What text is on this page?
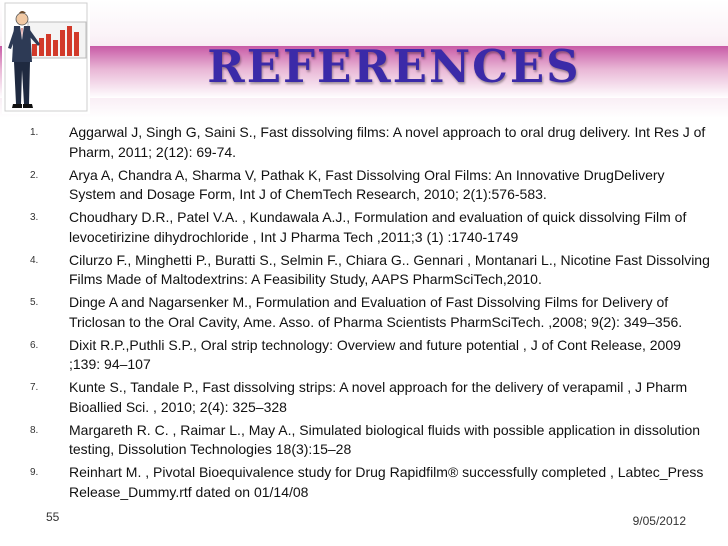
REFERENCES
1. Aggarwal J, Singh G, Saini S., Fast dissolving films: A novel approach to oral drug delivery. Int Res J of Pharm, 2011; 2(12): 69-74.
2. Arya A, Chandra A, Sharma V, Pathak K, Fast Dissolving Oral Films: An Innovative DrugDelivery System and Dosage Form, Int J of ChemTech Research, 2010; 2(1):576-583.
3. Choudhary D.R., Patel V.A. , Kundawala A.J., Formulation and evaluation of quick dissolving Film of levocetirizine dihydrochloride , Int J Pharma Tech ,2011;3 (1) :1740-1749
4. Cilurzo F., Minghetti P., Buratti S., Selmin F., Chiara G.. Gennari , Montanari L., Nicotine Fast Dissolving Films Made of Maltodextrins: A Feasibility Study, AAPS PharmSciTech,2010.
5. Dinge A and Nagarsenker M., Formulation and Evaluation of Fast Dissolving Films for Delivery of Triclosan to the Oral Cavity, Ame. Asso. of Pharma Scientists PharmSciTech. ,2008; 9(2): 349–356.
6. Dixit R.P.,Puthli S.P., Oral strip technology: Overview and future potential , J of Cont Release, 2009 ;139: 94–107
7. Kunte S., Tandale P., Fast dissolving strips: A novel approach for the delivery of verapamil , J Pharm Bioallied Sci. , 2010; 2(4): 325–328
8. Margareth R. C. , Raimar L., May A., Simulated biological fluids with possible application in dissolution testing, Dissolution Technologies 18(3):15–28
9. Reinhart M. , Pivotal Bioequivalence study for Drug Rapidfilm® successfully completed , Labtec_Press Release_Dummy.rtf dated on 01/14/08
55	9/05/2012
